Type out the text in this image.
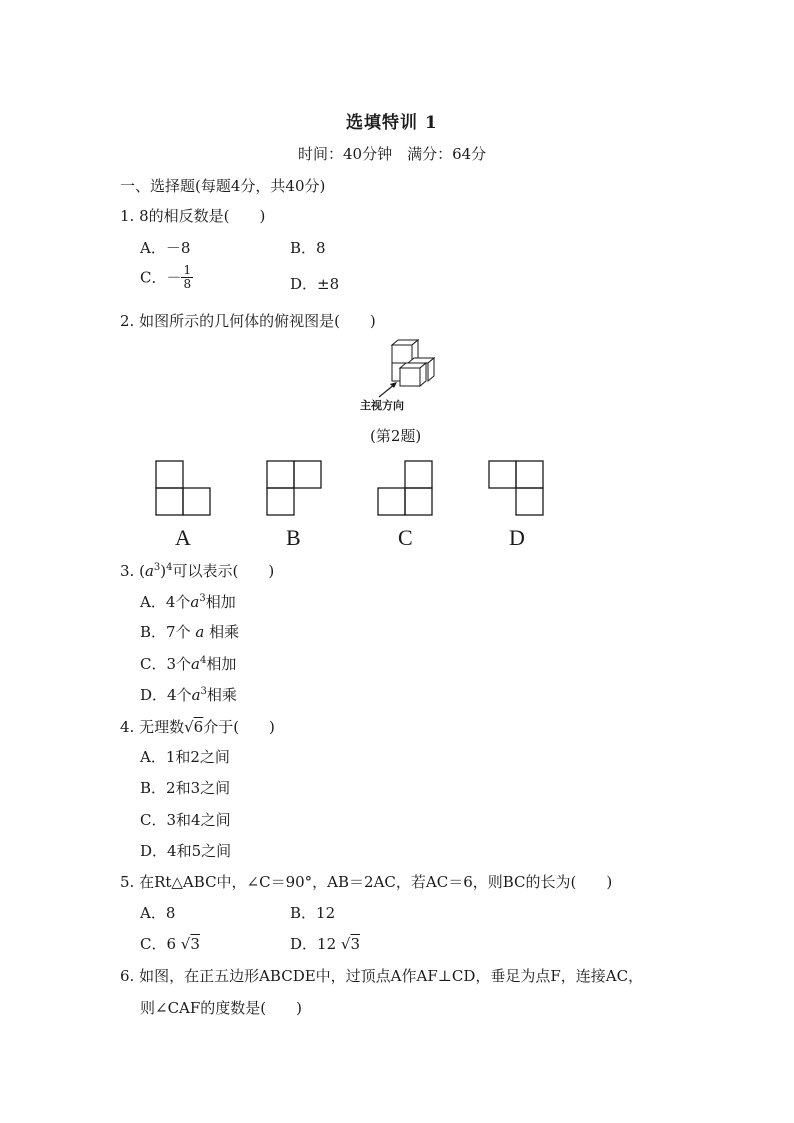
选填特训 1
时间：40分钟　满分：64分
一、选择题(每题4分，共40分)
1. 8的相反数是(　　)
A．－8	B．8
C．－ $\frac{1}{8}$	D．±8
2. 如图所示的几何体的俯视图是(　　)
主视方向
(第2题)
A	B	C	D
3. $(a^3)^4$可以表示(　　)
A．4个$a^3$相加
B．7个 a 相乘
C．3个$a^4$相加
D．4个$a^3$相乘
4. 无理数√6介于(　　)
A．1和2之间
B．2和3之间
C．3和4之间
D．4和5之间
5. 在Rt△ABC中，∠C＝90°，AB＝2AC，若AC＝6，则BC的长为(　　)
A．8	B．12
C．6 √3	D．12 √3
6. 如图，在正五边形ABCDE中，过顶点A作AF⊥CD，垂足为点F，连接AC，
则∠CAF的度数是(　　)
